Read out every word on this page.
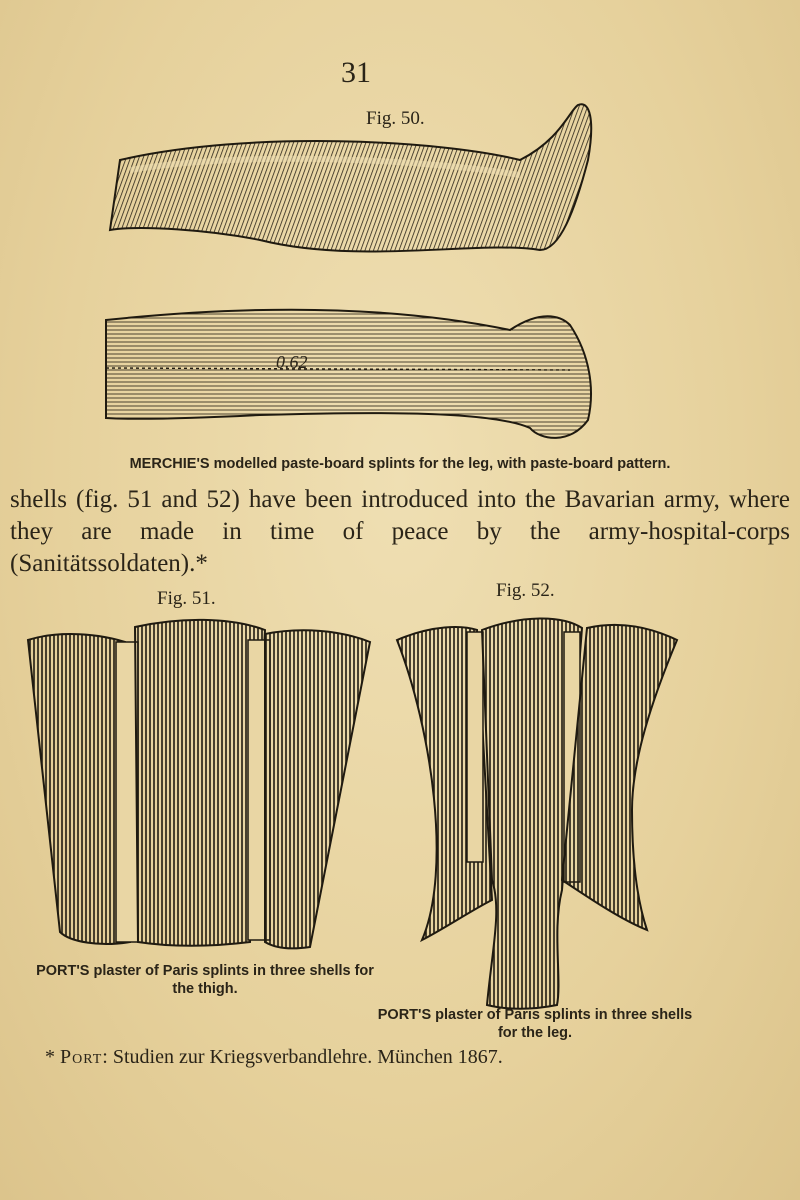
31
Fig. 50.
0.62
MERCHIE'S modelled paste-board splints for the leg, with paste-board pattern.
shells (fig. 51 and 52) have been introduced into the Bavarian army, where they are made in time of peace by the army-hospital-corps (Sanitätssoldaten).*
Fig. 51.	Fig. 52.
PORT'S plaster of Paris splints in three shells for
the thigh.
PORT'S plaster of Paris splints in three shells
for the leg.
* Port: Studien zur Kriegsverbandlehre. München 1867.
